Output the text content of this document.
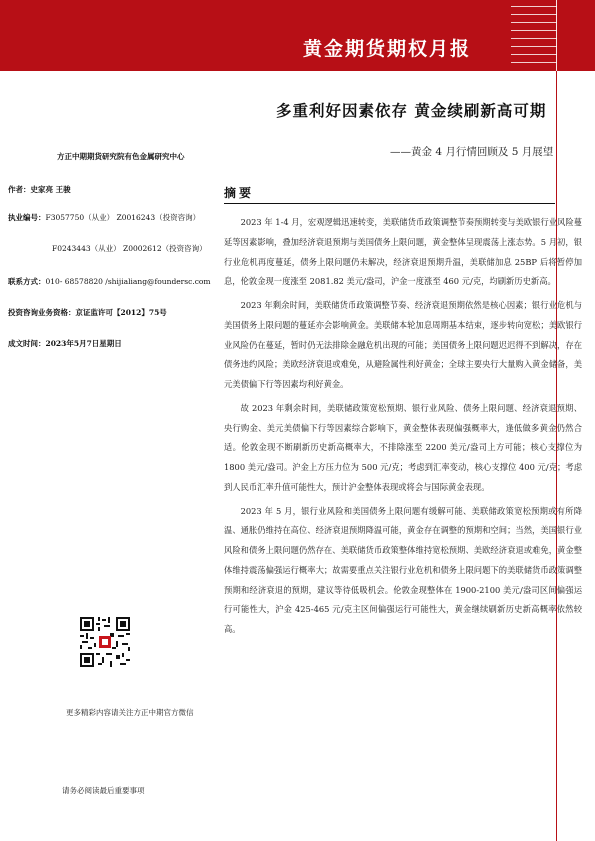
黄金期货期权月报
多重利好因素依存 黄金续刷新高可期
——黄金 4 月行情回顾及 5 月展望
方正中期期货研究院有色金属研究中心
作者：史家亮 王骏
执业编号：F3057750（从业） Z0016243（投资咨询）
F0243443（从业） Z0002612（投资咨询）
联系方式：010- 68578820 /shijialiang@foundersc.com
投资咨询业务资格：京证监许可【2012】75号
成文时间：2023年5月7日星期日
更多精彩内容请关注方正中期官方微信
请务必阅读最后重要事项
摘要

2023 年 1-4 月，宏观逻辑迅速转变，美联储货币政策调整节奏预期转变与美欧银行业风险蔓延等因素影响，叠加经济衰退预期与美国债务上限问题，黄金整体呈现震荡上涨态势。5 月初，银行业危机再度蔓延，债务上限问题仍未解决，经济衰退预期升温，美联储加息 25BP 后将暂停加息，伦敦金现一度涨至 2081.82 美元/盎司，沪金一度涨至 460 元/克，均刷新历史新高。

2023 年剩余时间，美联储货币政策调整节奏、经济衰退预期依然是核心因素；银行业危机与美国债务上限问题的蔓延亦会影响黄金。美联储本轮加息周期基本结束，逐步转向宽松；美欧银行业风险仍在蔓延，暂时仍无法排除金融危机出现的可能；美国债务上限问题迟迟得不到解决，存在债务违约风险；美欧经济衰退或难免，从避险属性利好黄金；全球主要央行大量购入黄金储备，美元美债偏下行等因素均利好黄金。

故 2023 年剩余时间，美联储政策宽松预期、银行业风险、债务上限问题、经济衰退预期、央行购金、美元美债偏下行等因素综合影响下，黄金整体表现偏强概率大，逢低做多黄金仍然合适。伦敦金现不断刷新历史新高概率大，不排除涨至 2200 美元/盎司上方可能；核心支撑位为 1800 美元/盎司。沪金上方压力位为 500 元/克；考虑到汇率变动，核心支撑位 400 元/克；考虑到人民币汇率升值可能性大，预计沪金整体表现或将会与国际黄金表现。

2023 年 5 月，银行业风险和美国债务上限问题有缓解可能、美联储政策宽松预期或有所降温、通胀仍维持在高位、经济衰退预期降温可能，黄金存在调整的预期和空间；当然，美国银行业风险和债务上限问题仍然存在、美联储货币政策整体维持宽松预期、美欧经济衰退或难免，黄金整体维持震荡偏强运行概率大；故需要重点关注银行业危机和债务上限问题下的美联储货币政策调整预期和经济衰退的预期，建议等待低吸机会。伦敦金现整体在 1900-2100 美元/盎司区间偏强运行可能性大，沪金 425-465 元/克主区间偏强运行可能性大，黄金继续刷新历史新高概率依然较高。
